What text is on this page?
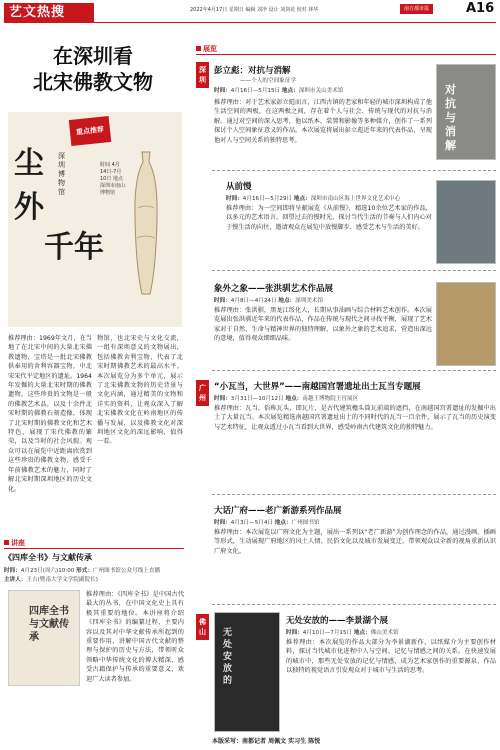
艺文热搜	2022年4月17日 星期日 编辑 刘净 设计 刘剑花 校对 林华	南方都市报	A16
在深圳看
北宋佛教文物
重点推荐
尘外
千年
深圳博物馆
时间 4月14日-7月10日 地点 深圳市南山博物馆
推荐理由：1969年文月，在当地了在北宋中间的大量北宋佛教遗物，宝塔是一批北宋佛教供奉用的舍利容器宝物，中北宋宋代平定地区的遗址。1964年发掘的大量北宋时期的佛教遗物，这些珍贵的文物是一般的佛教艺术品，以及十余件北宋时期的佛教石刻造像，体现了北宋时期的佛教文化和艺术特色，展现了宋代佛教的繁荣，以及当时的社会风貌。观众可以在展览中近距离欣赏到这些珍贵的佛教文物，感受千年前佛教艺术的魅力，同时了解北宋时期深圳地区的历史文化。
物馆，也北宋史与文化交流，一组有深圳意义的文物展出，包括佛教舍利宝物，代表了北宋时期佛教艺术的最高水平。本次展览分为多个单元，展示了北宋佛教文物的历史背景与文化内涵，通过精美的文物和详实的资料，让观众深入了解北宋佛教文化在岭南地区的传播与发展，以及佛教文化对深圳地区文化的深远影响，值得一看。
讲座
《四库全书》与文献传承
时间：4月23日(周六)10:00 形式：广州图书馆公众号线上直播
主讲人：王吉(暨南大学文学院副院长)
四库全书与文献传承
推荐理由：《四库全书》是中国古代最大的丛书，在中国文化史上具有极其重要的地位。本讲座将介绍《四库全书》的编纂过程、主要内容以及其对中华文献传承所起到的重要作用，讲解中国古代文献的整理与保护的历史与方法，带领听众领略中华传统文化的博大精深，感受古籍保护与传承的重要意义，欢迎广大读者参加。
展览
深圳
广州
佛山
彭立彪：对抗与消解
——个人的空间象征学
时间：4月16日—5月15日 地点：深圳市关山美术馆
推荐理由：对于艺术家彭立彪而言，江西古镇的老家和年轻的城市深圳构成了他生活空间的两极，在这两极之间，存在着个人与社会、传统与现代的对抗与消解。通过对空间的深入思考，他以纸本、装置和影像等多种媒介，创作了一系列探讨个人空间象征意义的作品。本次展览将展出彭立彪近年来的代表作品，呈现他对人与空间关系的独特思考。
对抗与消解
从前慢
时间：4月16日—5月29日 地点：深圳市南山区海上世界文化艺术中心
推荐理由：为一空间即将呈献展览《从前慢》，精选10余位艺术家的作品，以多元的艺术语言，回望过去的慢时光，探讨当代生活的节奏与人们内心对于慢生活的向往，邀请观众在展览中放慢脚步，感受艺术与生活的美好。
象外之象——张洪驯艺术作品展
时间：4月8日—4月24日 地点：深圳美术馆
推荐理由：张洪驯，黑龙江绥化人，长期从事油画与综合材料艺术创作。本次展览展出张洪驯近年来的代表作品，作品在传统与现代之间寻找平衡，展现了艺术家对于自然、生命与精神世界的独特理解，以象外之象的艺术追求，营造出深远的意境，值得观众细细品味。
“小瓦当，大世界”——南越国宫署遗址出土瓦当专题展
时间：3月31日—10月12日 地点：南越王博物院王宫展区
推荐理由：瓦当，俗称瓦头，即瓦片，是古代建筑檐头筒瓦前端的遮挡，在南越国宫署遗址的发掘中出土了大量瓦当。本次展览精选南越国宫署遗址出土的不同时代的瓦当一百余件，展示了瓦当的历史演变与艺术特征，让观众透过小瓦当看到大世界，感受岭南古代建筑文化的独特魅力。
大话广府——老广新游系列作品展
时间：4月3日—5月4日 地点：广州图书馆
推荐理由：本次展览以广府文化为主题，展出一系列以“老广新游”为创作理念的作品，通过漫画、插画等形式，生动展现广府地区的风土人情、民俗文化以及城市发展变迁，带领观众以全新的视角重新认识广府文化。
无处安放的
无处安放的——李景湖个展
时间：4月10日—7月15日 地点：佛山美术馆
推荐理由：本次展览的作品大部分为李景湖新作，以纸媒介为主要创作材料，探讨当代城市化进程中人与空间、记忆与情感之间的关系。在快速发展的城市中，那些无处安放的记忆与情感，成为艺术家创作的重要源泉，作品以独特的视觉语言引发观众对于城市与生活的思考。
本版采写：南都记者 周佩文 实习生 陈悦
